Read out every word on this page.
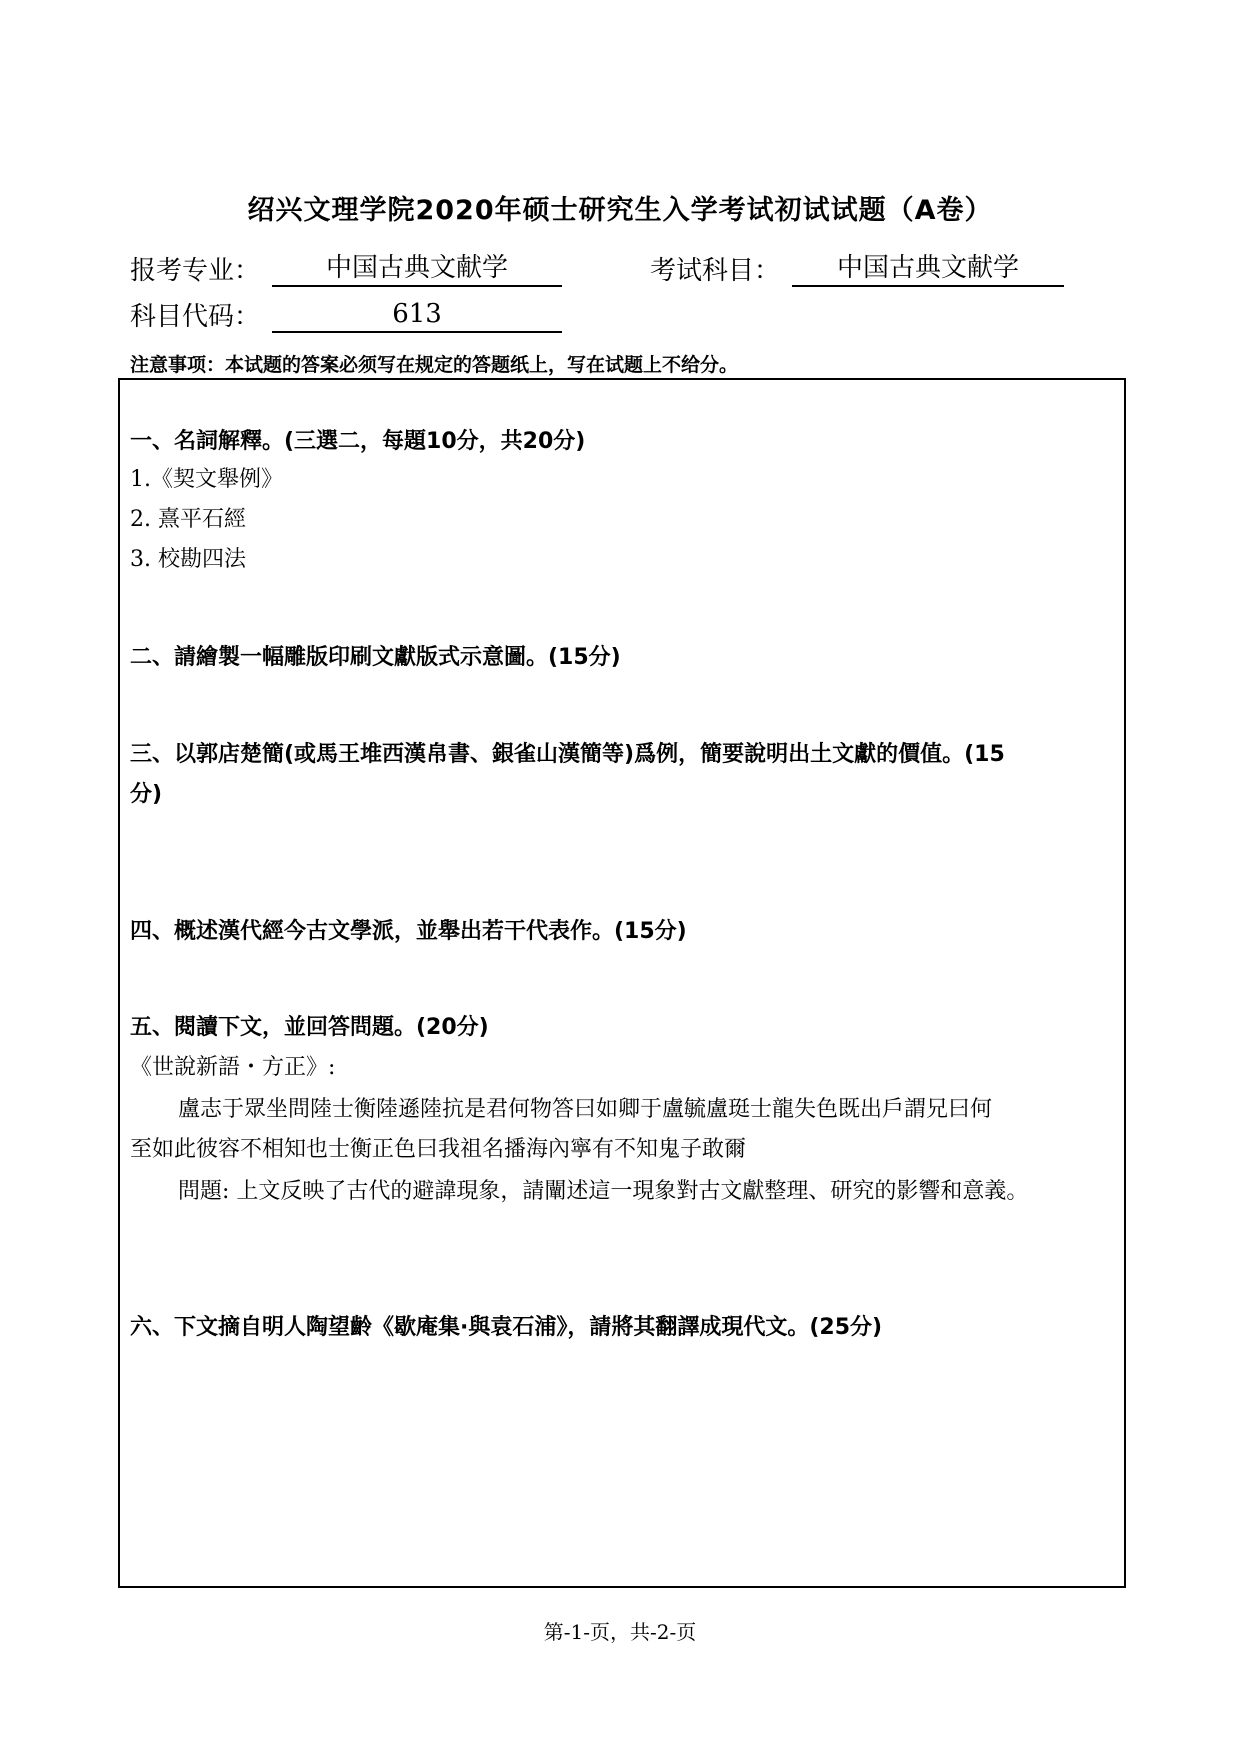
绍兴文理学院2020年硕士研究生入学考试初试试题（A卷）
报考专业：	中国古典文献学	考试科目： 中国古典文献学
科目代码：	613
注意事项：本试题的答案必须写在规定的答题纸上，写在试题上不给分。
一、名詞解釋。(三選二，每題10分，共20分)
1.《契文舉例》
2. 熹平石經
3. 校勘四法
二、請繪製一幅雕版印刷文獻版式示意圖。(15分)
三、以郭店楚簡(或馬王堆西漢帛書、銀雀山漢簡等)爲例，簡要說明出土文獻的價值。(15
分)
四、概述漢代經今古文學派，並舉出若干代表作。(15分)
五、閱讀下文，並回答問題。(20分)
《世說新語・方正》:
盧志于眾坐問陸士衡陸遜陸抗是君何物答曰如卿于盧毓盧珽士龍失色既出戶謂兄曰何
至如此彼容不相知也士衡正色曰我祖名播海內寧有不知鬼子敢爾
問題: 上文反映了古代的避諱現象，請闡述這一現象對古文獻整理、研究的影響和意義。
六、下文摘自明人陶望齡《歇庵集·與袁石浦》，請將其翻譯成現代文。(25分)
第-1-页，共-2-页
